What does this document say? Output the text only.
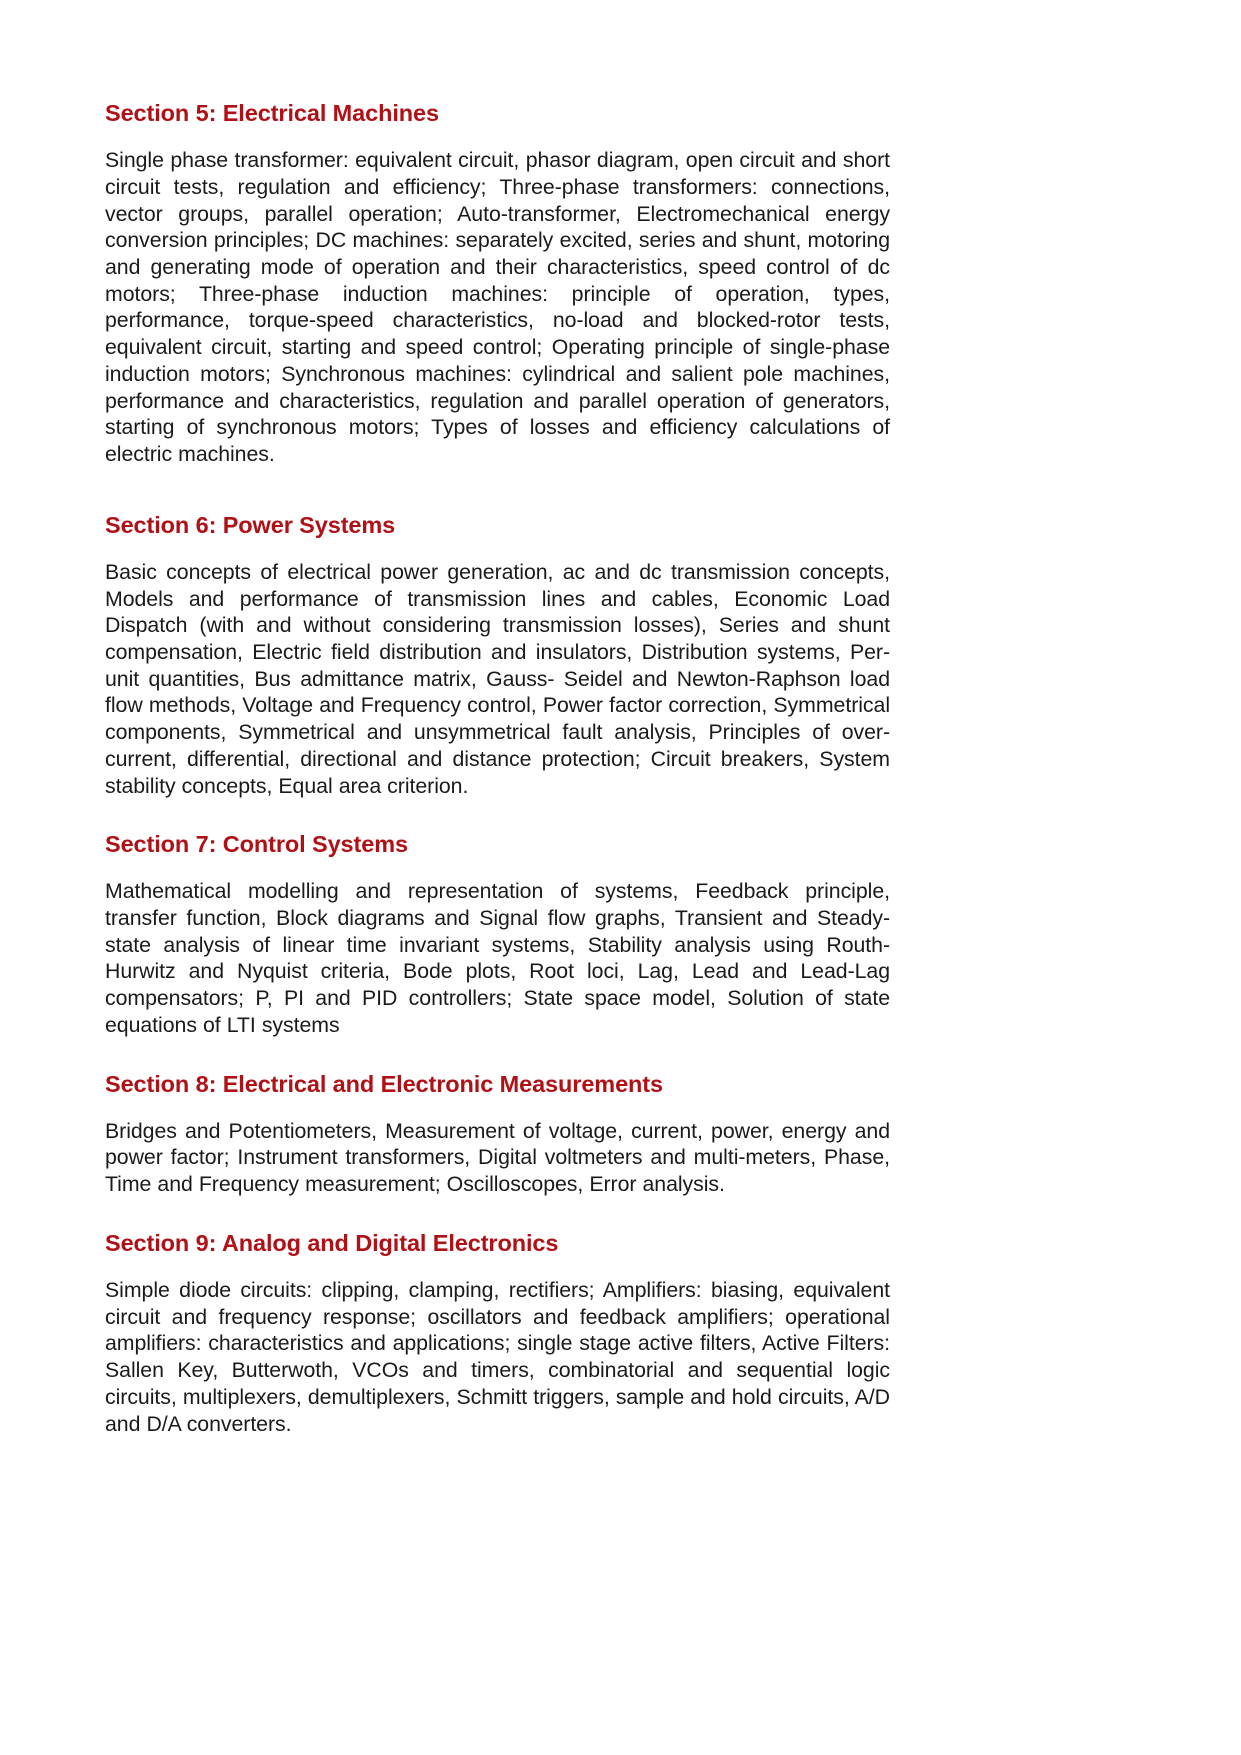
Section 5: Electrical Machines

Single phase transformer: equivalent circuit, phasor diagram, open circuit and short circuit tests, regulation and efficiency; Three-phase transformers: connections, vector groups, parallel operation; Auto-transformer, Electromechanical energy conversion principles; DC machines: separately excited, series and shunt, motoring and generating mode of operation and their characteristics, speed control of dc motors; Three-phase induction machines: principle of operation, types, performance, torque-speed characteristics, no-load and blocked-rotor tests, equivalent circuit, starting and speed control; Operating principle of single-phase induction motors; Synchronous machines: cylindrical and salient pole machines, performance and characteristics, regulation and parallel operation of generators, starting of synchronous motors; Types of losses and efficiency calculations of electric machines.

Section 6: Power Systems

Basic concepts of electrical power generation, ac and dc transmission concepts, Models and performance of transmission lines and cables, Economic Load Dispatch (with and without considering transmission losses), Series and shunt compensation, Electric field distribution and insulators, Distribution systems, Per-unit quantities, Bus admittance matrix, Gauss- Seidel and Newton-Raphson load flow methods, Voltage and Frequency control, Power factor correction, Symmetrical components, Symmetrical and unsymmetrical fault analysis, Principles of over-current, differential, directional and distance protection; Circuit breakers, System stability concepts, Equal area criterion.

Section 7: Control Systems

Mathematical modelling and representation of systems, Feedback principle, transfer function, Block diagrams and Signal flow graphs, Transient and Steady-state analysis of linear time invariant systems, Stability analysis using Routh-Hurwitz and Nyquist criteria, Bode plots, Root loci, Lag, Lead and Lead-Lag compensators; P, PI and PID controllers; State space model, Solution of state equations of LTI systems

Section 8: Electrical and Electronic Measurements

Bridges and Potentiometers, Measurement of voltage, current, power, energy and power factor; Instrument transformers, Digital voltmeters and multi-meters, Phase, Time and Frequency measurement; Oscilloscopes, Error analysis.

Section 9: Analog and Digital Electronics

Simple diode circuits: clipping, clamping, rectifiers; Amplifiers: biasing, equivalent circuit and frequency response; oscillators and feedback amplifiers; operational amplifiers: characteristics and applications; single stage active filters, Active Filters: Sallen Key, Butterwoth, VCOs and timers, combinatorial and sequential logic circuits, multiplexers, demultiplexers, Schmitt triggers, sample and hold circuits, A/D and D/A converters.
